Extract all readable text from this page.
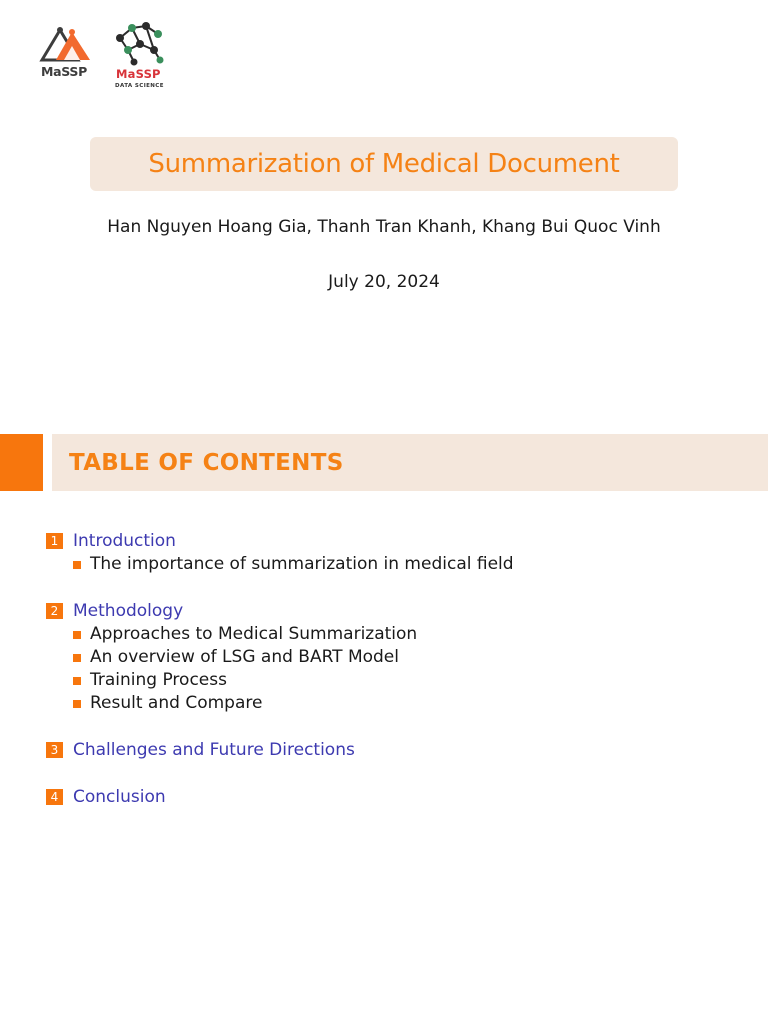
MaSSP	MaSSP
DATA SCIENCE
Summarization of Medical Document
Han Nguyen Hoang Gia, Thanh Tran Khanh, Khang Bui Quoc Vinh
July 20, 2024
TABLE OF CONTENTS
1 Introduction
The importance of summarization in medical field
2 Methodology
Approaches to Medical Summarization
An overview of LSG and BART Model
Training Process
Result and Compare
3 Challenges and Future Directions
4 Conclusion
